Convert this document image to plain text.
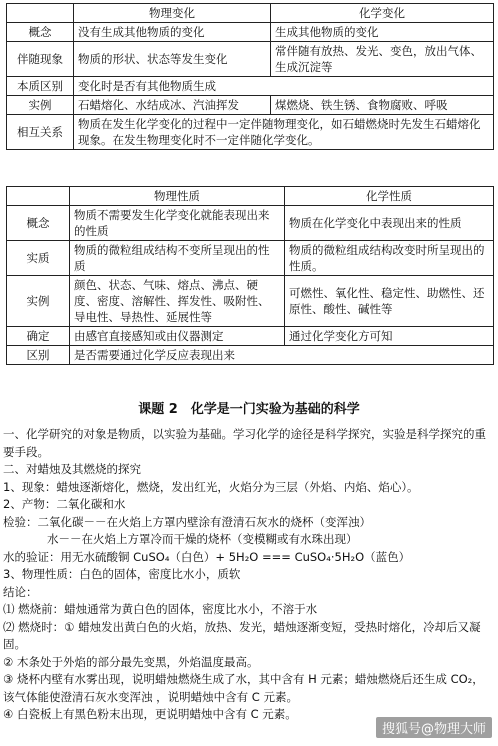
	物理变化	化学变化
概念	没有生成其他物质的变化	生成其他物质的变化
伴随现象	物质的形状、状态等发生变化	常伴随有放热、发光、变色，放出气体、生成沉淀等
本质区别	变化时是否有其他物质生成	
实例	石蜡熔化、水结成冰、汽油挥发	煤燃烧、铁生锈、食物腐败、呼吸
相互关系	物质在发生化学变化的过程中一定伴随物理变化，如石蜡燃烧时先发生石蜡熔化现象。在发生物理变化时不一定伴随化学变化。	
	物理性质	化学性质
概念	物质不需要发生化学变化就能表现出来的性质	物质在化学变化中表现出来的性质
实质	物质的微粒组成结构不变所呈现出的性质	物质的微粒组成结构改变时所呈现出的性质。
实例	颜色、状态、气味、熔点、沸点、硬度、密度、溶解性、挥发性、吸附性、导电性、导热性、延展性等	可燃性、氧化性、稳定性、助燃性、还原性、酸性、碱性等
确定	由感官直接感知或由仪器测定	通过化学变化方可知
区别	是否需要通过化学反应表现出来	
课题 2　化学是一门实验为基础的科学

一、化学研究的对象是物质，以实验为基础。学习化学的途径是科学探究，实验是科学探究的重要手段。

二、对蜡烛及其燃烧的探究

1、现象：蜡烛逐渐熔化，燃烧，发出红光，火焰分为三层（外焰、内焰、焰心）。

2、产物：二氧化碳和水

检验：二氧化碳－－在火焰上方罩内壁涂有澄清石灰水的烧杯（变浑浊）

水－－在火焰上方罩冷而干燥的烧杯（变模糊或有水珠出现）

水的验证：用无水硫酸铜 CuSO₄（白色）+ 5H₂O === CuSO₄·5H₂O（蓝色）

3、物理性质：白色的固体，密度比水小，质软

结论：

⑴ 燃烧前：蜡烛通常为黄白色的固体，密度比水小，不溶于水

⑵ 燃烧时：① 蜡烛发出黄白色的火焰，放热、发光，蜡烛逐渐变短，受热时熔化，冷却后又凝固。

② 木条处于外焰的部分最先变黑，外焰温度最高。

③ 烧杯内壁有水雾出现，说明蜡烛燃烧生成了水，其中含有 H 元素；蜡烛燃烧后还生成 CO₂，该气体能使澄清石灰水变浑浊 ，说明蜡烛中含有 C 元素。

④ 白瓷板上有黑色粉末出现，更说明蜡烛中含有 C 元素。

搜狐号@物理大师
